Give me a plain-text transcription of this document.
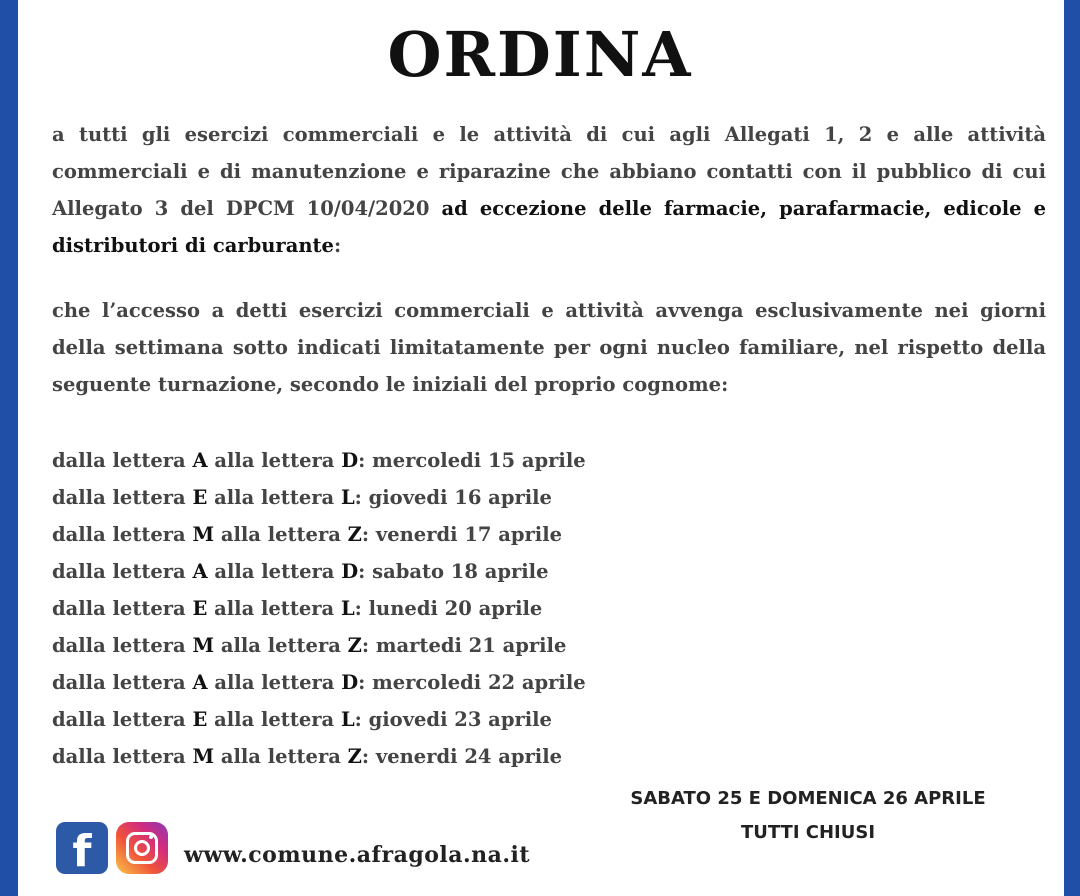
ORDINA
a tutti gli esercizi commerciali e le attività di cui agli Allegati 1, 2 e alle attività commerciali e di manutenzione e riparazine che abbiano contatti con il pubblico di cui Allegato 3 del DPCM 10/04/2020 ad eccezione delle farmacie, parafarmacie, edicole e distributori di carburante:
che l’accesso a detti esercizi commerciali e attività avvenga esclusivamente nei giorni della settimana sotto indicati limitatamente per ogni nucleo familiare, nel rispetto della seguente turnazione, secondo le iniziali del proprio cognome:
dalla lettera A alla lettera D: mercoledi 15 aprile
dalla lettera E alla lettera L: giovedi 16 aprile
dalla lettera M alla lettera Z: venerdi 17 aprile
dalla lettera A alla lettera D: sabato 18 aprile
dalla lettera E alla lettera L: lunedi 20 aprile
dalla lettera M alla lettera Z: martedi 21 aprile
dalla lettera A alla lettera D: mercoledi 22 aprile
dalla lettera E alla lettera L: giovedi 23 aprile
dalla lettera M alla lettera Z: venerdi 24 aprile
SABATO 25 E DOMENICA 26 APRILE
TUTTI CHIUSI
f	www.comune.afragola.na.it
